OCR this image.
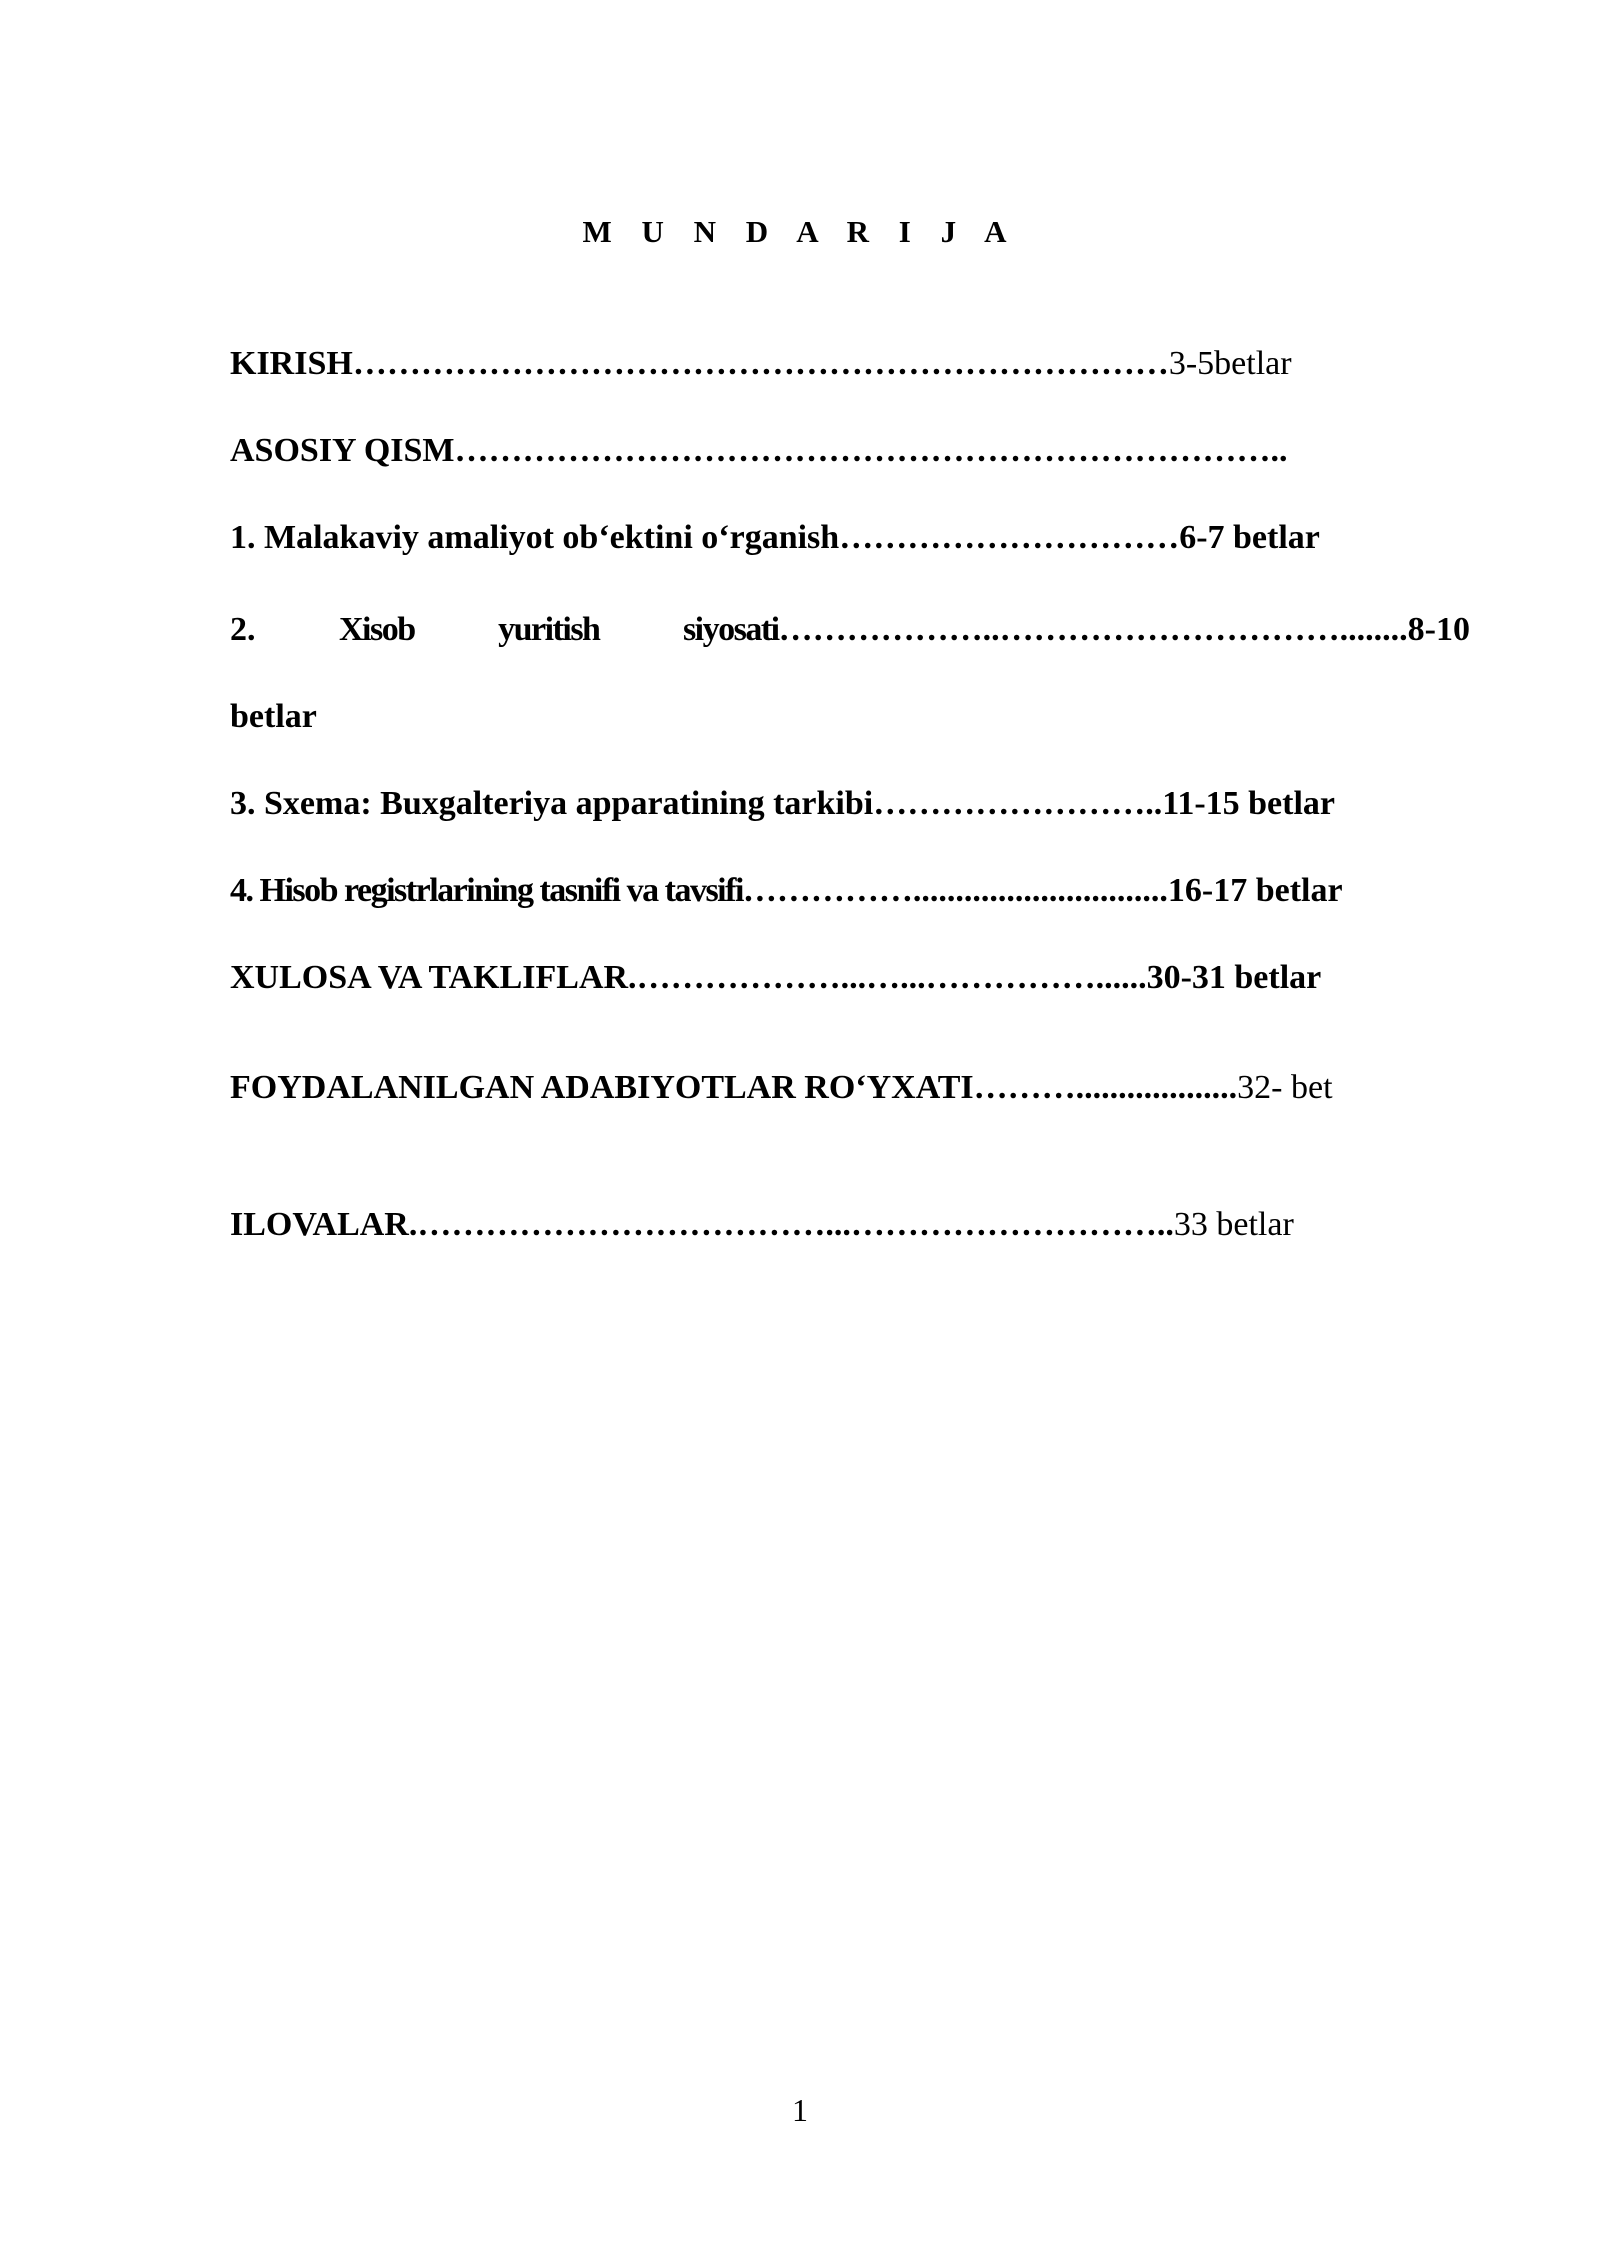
M U N D A R I J A
KIRISH………………………………………………………………3-5betlar
ASOSIY QISM………………………………………………………………..
1. Malakaviy amaliyot ob‘ektini o‘rganish…………………………6-7 betlar
2. Xisob yuritish siyosati………………..…………………………........8-10
betlar
3. Sxema: Buxgalteriya apparatining tarkibi……………………..11-15 betlar
4. Hisob registrlarining tasnifi va tavsifi……………..............................16-17 betlar
XULOSA VA TAKLIFLAR.………………...…...……………......30-31 betlar
FOYDALANILGAN ADABIYOTLAR RO‘YXATI………...................32- bet
ILOVALAR.………………………………...………………………..33 betlar
1
